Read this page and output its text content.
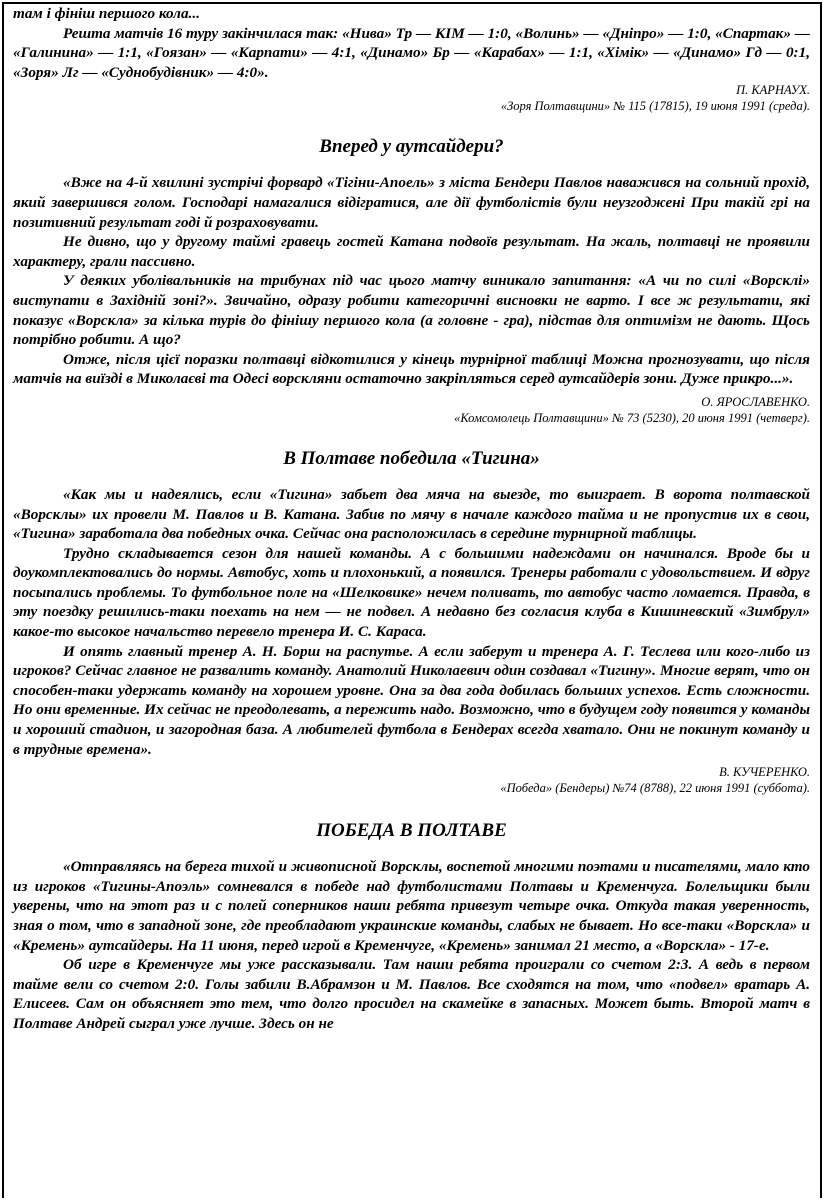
там і фініш першого кола...

Решта матчів 16 туру закінчилася так: «Нива» Тр — КІМ — 1:0, «Волинь» — «Дніпро» — 1:0, «Спартак» — «Галинина» — 1:1, «Гоязан» — «Карпати» — 4:1, «Динамо» Бр — «Карабах» — 1:1, «Хімік» — «Динамо» Гд — 0:1, «Зоря» Лг — «Суднобудівник» — 4:0».

П. КАРНАУХ.

«Зоря Полтавщини» № 115 (17815), 19 июня 1991 (среда).

Вперед у аутсайдери?

«Вже на 4-й хвилині зустрічі форвард «Тігіни-Апоель» з міста Бендери Павлов наважився на сольний прохід, який завершився голом. Господарі намагалися відігратися, але дії футболістів були неузгоджені При такій грі на позитивний результат годі й розраховувати.

Не дивно, що у другому таймі гравець гостей Катана подвоїв результат. На жаль, полтавці не проявили характеру, грали пассивно.

У деяких уболівальників на трибунах під час цього матчу виникало запитання: «А чи по силі «Ворсклі» виступати в Західній зоні?». Звичайно, одразу робити категоричні висновки не варто. І все ж результати, які показує «Ворскла» за кілька турів до фінішу першого кола (а головне - гра), підстав для оптимізм не дають. Щось потрібно робити. А що?

Отже, після цієї поразки полтавці відкотилися у кінець турнірної таблиці Можна прогнозувати, що після матчів на виїзді в Миколаєві та Одесі ворскляни остаточно закріпляться серед аутсайдерів зони. Дуже прикро...».

О. ЯРОСЛАВЕНКО.

«Комсомолець Полтавщини» № 73 (5230), 20 июня 1991 (четверг).

В Полтаве победила «Тигина»

«Как мы и надеялись, если «Тигина» забьет два мяча на выезде, то выиграет. В ворота полтавской «Ворсклы» их провели М. Павлов и В. Катана. Забив по мячу в начале каждого тайма и не пропустив их в свои, «Тигина» заработала два победных очка. Сейчас она расположилась в середине турнирной таблицы.

Трудно складывается сезон для нашей команды. А с большими надеждами он начинался. Вроде бы и доукомплектовались до нормы. Автобус, хоть и плохонький, а появился. Тренеры работали с удовольствием. И вдруг посыпались проблемы. То футбольное поле на «Шелковике» нечем поливать, то автобус часто ломается. Правда, в эту поездку решились-таки поехать на нем — не подвел. А недавно без согласия клуба в Кишиневский «Зимбрул» какое-то высокое начальство перевело тренера И. С. Караса.

И опять главный тренер А. Н. Борш на распутье. А если заберут и тренера А. Г. Теслева или кого-либо из игроков? Сейчас главное не развалить команду. Анатолий Николаевич один создавал «Тигину». Многие верят, что он способен-таки удержать команду на хорошем уровне. Она за два года добилась больших успехов. Есть сложности. Но они временные. Их сейчас не преодолевать, а пережить надо. Возможно, что в будущем году появится у команды и хороший стадион, и загородная база. А любителей футбола в Бендерах всегда хватало. Они не покинут команду и в трудные времена».

В. КУЧЕРЕНКО.

«Победа» (Бендеры) №74 (8788), 22 июня 1991 (суббота).

ПОБЕДА В ПОЛТАВЕ

«Отправляясь на берега тихой и живописной Ворсклы, воспетой многими поэтами и писателями, мало кто из игроков «Тигины-Апоэль» сомневался в победе над футболистами Полтавы и Кременчуга. Болельщики были уверены, что на этот раз и с полей соперников наши ребята привезут четыре очка. Откуда такая уверенность, зная о том, что в западной зоне, где преобладают украинские команды, слабых не бывает. Но все-таки «Ворскла» и «Кремень» аутсайдеры. На 11 июня, перед игрой в Кременчуге, «Кремень» занимал 21 место, а «Ворскла» - 17-е.

Об игре в Кременчуге мы уже рассказывали. Там наши ребята проиграли со счетом 2:3. А ведь в первом тайме вели со счетом 2:0. Голы забили В.Абрамзон и М. Павлов. Все сходятся на том, что «подвел» вратарь А. Елисеев. Сам он объясняет это тем, что долго просидел на скамейке в запасных. Может быть. Второй матч в Полтаве Андрей сыграл уже лучше. Здесь он не
